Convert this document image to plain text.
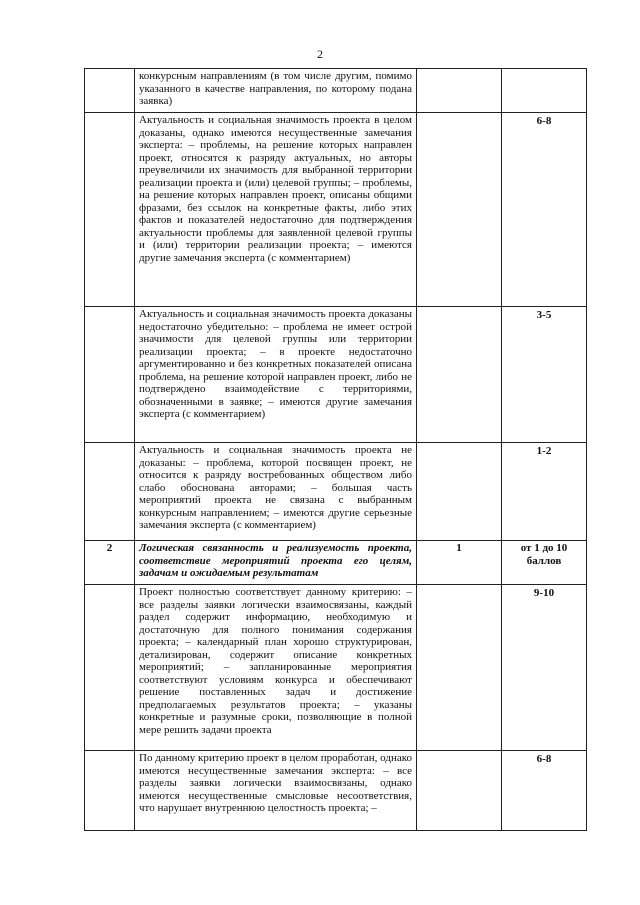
2
	конкурсным направлениям (в том числе другим, помимо указанного в качестве направления, по которому подана заявка)		
	Актуальность и социальная значимость проекта в целом доказаны, однако имеются несущественные замечания эксперта: – проблемы, на решение которых направлен проект, относятся к разряду актуальных, но авторы преувеличили их значимость для выбранной территории реализации проекта и (или) целевой группы; – проблемы, на решение которых направлен проект, описаны общими фразами, без ссылок на конкретные факты, либо этих фактов и показателей недостаточно для подтверждения актуальности проблемы для заявленной целевой группы и (или) территории реализации проекта; – имеются другие замечания эксперта (с комментарием)		6-8
	Актуальность и социальная значимость проекта доказаны недостаточно убедительно: – проблема не имеет острой значимости для целевой группы или территории реализации проекта; – в проекте недостаточно аргументированно и без конкретных показателей описана проблема, на решение которой направлен проект, либо не подтверждено взаимодействие с территориями, обозначенными в заявке; – имеются другие замечания эксперта (с комментарием)		3-5
	Актуальность и социальная значимость проекта не доказаны: – проблема, которой посвящен проект, не относится к разряду востребованных обществом либо слабо обоснована авторами; – большая часть мероприятий проекта не связана с выбранным конкурсным направлением; – имеются другие серьезные замечания эксперта (с комментарием)		1-2
2	Логическая связанность и реализуемость проекта, соответствие мероприятий проекта его целям, задачам и ожидаемым результатам	1	от 1 до 10 баллов
	Проект полностью соответствует данному критерию: – все разделы заявки логически взаимосвязаны, каждый раздел содержит информацию, необходимую и достаточную для полного понимания содержания проекта; – календарный план хорошо структурирован, детализирован, содержит описание конкретных мероприятий; – запланированные мероприятия соответствуют условиям конкурса и обеспечивают решение поставленных задач и достижение предполагаемых результатов проекта; – указаны конкретные и разумные сроки, позволяющие в полной мере решить задачи проекта		9-10
	По данному критерию проект в целом проработан, однако имеются несущественные замечания эксперта: – все разделы заявки логически взаимосвязаны, однако имеются несущественные смысловые несоответствия, что нарушает внутреннюю целостность проекта; –		6-8
